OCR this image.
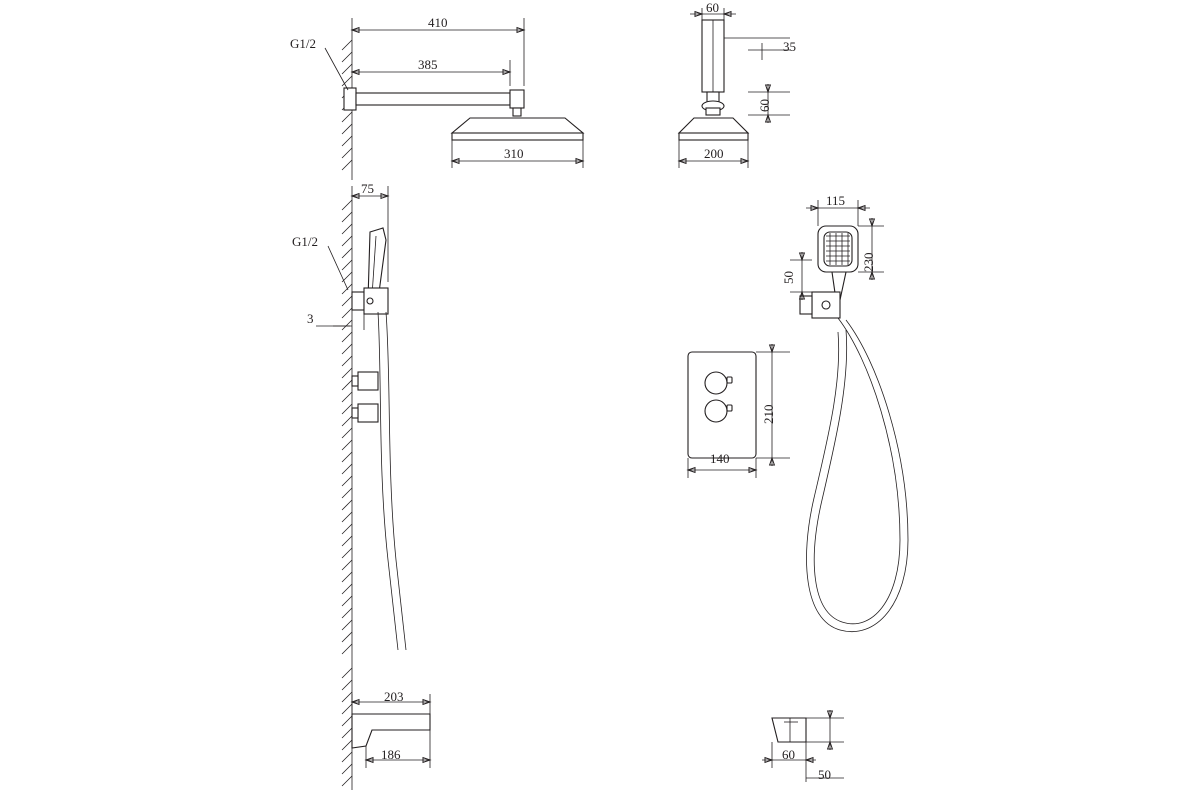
G1/2
410
385
310
60
35
60
200
75
G1/2
3
115
50
230
210
140
203
186	60
50
